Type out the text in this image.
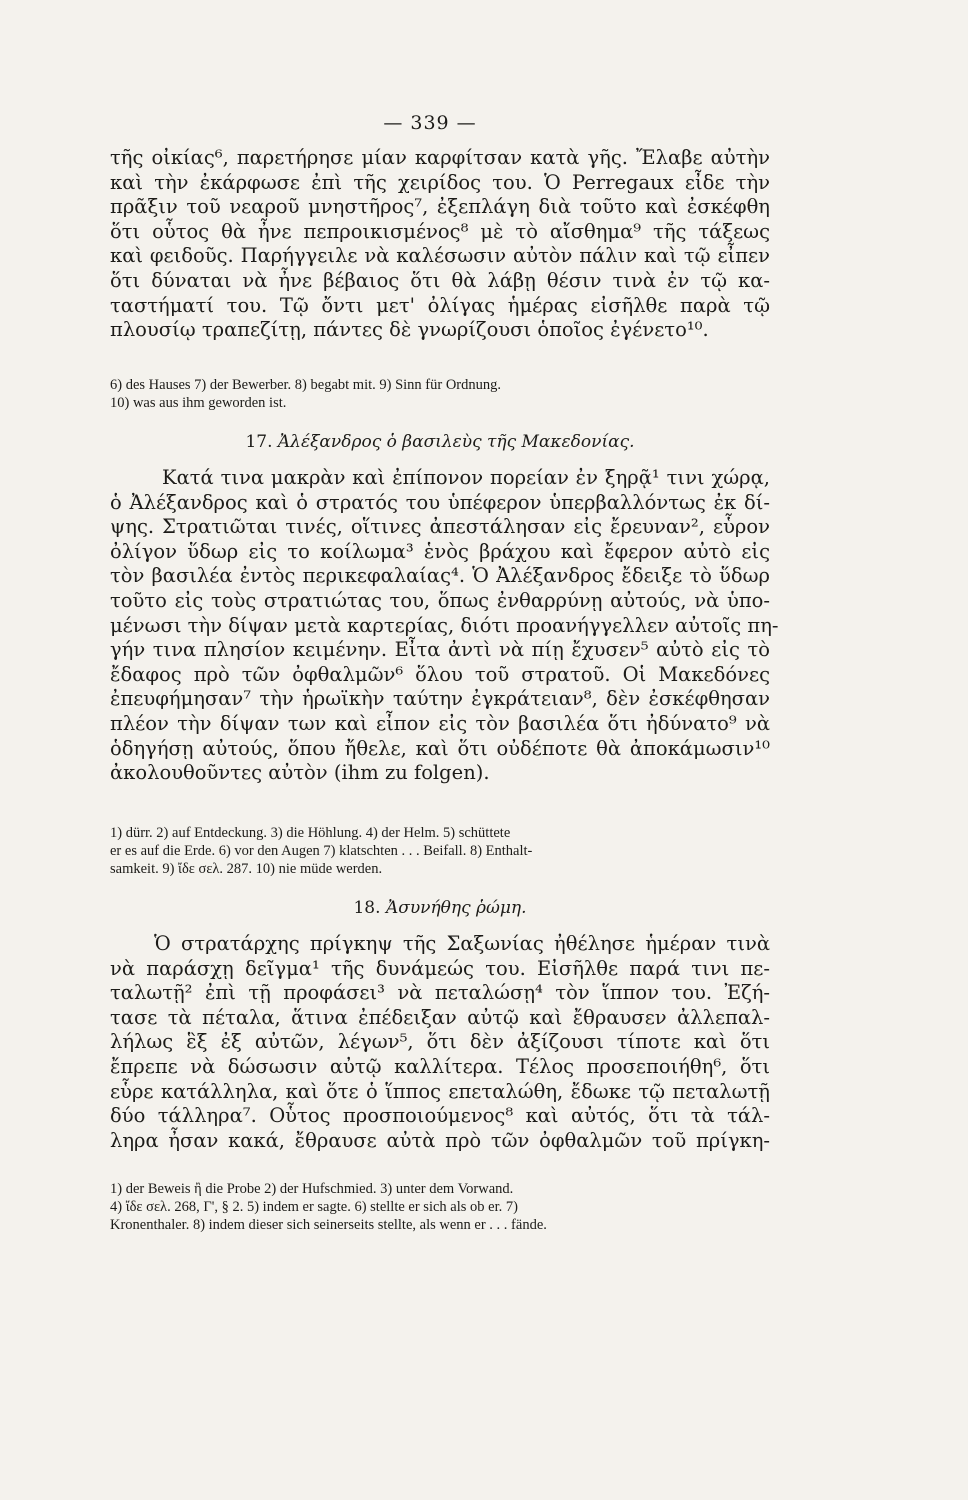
— 339 —
τῆς οἰκίας⁶, παρετήρησε μίαν καρφίτσαν κατὰ γῆς. Ἔλαβε αὐτὴν
καὶ τὴν ἐκάρφωσε ἐπὶ τῆς χειρίδος του. Ὁ Perregaux εἶδε τὴν
πρᾶξιν τοῦ νεαροῦ μνηστῆρος⁷, ἐξεπλάγη διὰ τοῦτο καὶ ἐσκέφθη
ὅτι οὗτος θὰ ἦνε πεπροικισμένος⁸ μὲ τὸ αἴσθημα⁹ τῆς τάξεως
καὶ φειδοῦς. Παρήγγειλε νὰ καλέσωσιν αὐτὸν πάλιν καὶ τῷ εἶπεν
ὅτι δύναται νὰ ἦνε βέβαιος ὅτι θὰ λάβῃ θέσιν τινὰ ἐν τῷ κα-
ταστήματί του. Τῷ ὄντι μετ' ὀλίγας ἡμέρας εἰσῆλθε παρὰ τῷ
πλουσίῳ τραπεζίτῃ, πάντες δὲ γνωρίζουσι ὁποῖος ἐγένετο¹⁰.
6) des Hauses 7) der Bewerber. 8) begabt mit. 9) Sinn für Ordnung.
10) was aus ihm geworden ist.
17. Ἀλέξανδρος ὁ βασιλεὺς τῆς Μακεδονίας.
Κατά τινα μακρὰν καὶ ἐπίπονον πορείαν ἐν ξηρᾷ¹ τινι χώρᾳ,
ὁ Ἀλέξανδρος καὶ ὁ στρατός του ὑπέφερον ὑπερβαλλόντως ἐκ δί-
ψης. Στρατιῶται τινές, οἵτινες ἀπεστάλησαν εἰς ἔρευναν², εὗρον
ὀλίγον ὕδωρ εἰς το κοίλωμα³ ἑνὸς βράχου καὶ ἔφερον αὐτὸ εἰς
τὸν βασιλέα ἐντὸς περικεφαλαίας⁴. Ὁ Ἀλέξανδρος ἔδειξε τὸ ὕδωρ
τοῦτο εἰς τοὺς στρατιώτας του, ὅπως ἐνθαρρύνῃ αὐτούς, νὰ ὑπο-
μένωσι τὴν δίψαν μετὰ καρτερίας, διότι προανήγγελλεν αὐτοῖς πη-
γήν τινα πλησίον κειμένην. Εἶτα ἀντὶ νὰ πίῃ ἔχυσεν⁵ αὐτὸ εἰς τὸ
ἔδαφος πρὸ τῶν ὀφθαλμῶν⁶ ὅλου τοῦ στρατοῦ. Οἱ Μακεδόνες
ἐπευφήμησαν⁷ τὴν ἡρωϊκὴν ταύτην ἐγκράτειαν⁸, δὲν ἐσκέφθησαν
πλέον τὴν δίψαν των καὶ εἶπον εἰς τὸν βασιλέα ὅτι ἠδύνατο⁹ νὰ
ὁδηγήσῃ αὐτούς, ὅπου ἤθελε, καὶ ὅτι οὐδέποτε θὰ ἀποκάμωσιν¹⁰
ἀκολουθοῦντες αὐτὸν (ihm zu folgen).
1) dürr. 2) auf Entdeckung. 3) die Höhlung. 4) der Helm. 5) schüttete
er es auf die Erde. 6) vor den Augen 7) klatschten . . . Beifall. 8) Enthalt-
samkeit. 9) ἴδε σελ. 287. 10) nie müde werden.
18. Ἀσυνήθης ῥώμη.
Ὁ στρατάρχης πρίγκηψ τῆς Σαξωνίας ἠθέλησε ἡμέραν τινὰ
νὰ παράσχῃ δεῖγμα¹ τῆς δυνάμεώς του. Εἰσῆλθε παρά τινι πε-
ταλωτῇ² ἐπὶ τῇ προφάσει³ νὰ πεταλώσῃ⁴ τὸν ἵππον του. Ἐζή-
τασε τὰ πέταλα, ἅτινα ἐπέδειξαν αὐτῷ καὶ ἔθραυσεν ἀλλεπαλ-
λήλως ἓξ ἐξ αὐτῶν, λέγων⁵, ὅτι δὲν ἀξίζουσι τίποτε καὶ ὅτι
ἔπρεπε νὰ δώσωσιν αὐτῷ καλλίτερα. Τέλος προσεποιήθη⁶, ὅτι
εὗρε κατάλληλα, καὶ ὅτε ὁ ἵππος επεταλώθη, ἔδωκε τῷ πεταλωτῇ
δύο τάλληρα⁷. Οὗτος προσποιούμενος⁸ καὶ αὐτός, ὅτι τὰ τάλ-
ληρα ἦσαν κακά, ἔθραυσε αὐτὰ πρὸ τῶν ὀφθαλμῶν τοῦ πρίγκη-
1) der Beweis ἢ die Probe 2) der Hufschmied. 3) unter dem Vorwand.
4) ἴδε σελ. 268, Γ', § 2. 5) indem er sagte. 6) stellte er sich als ob er. 7)
Kronenthaler. 8) indem dieser sich seinerseits stellte, als wenn er . . . fände.
